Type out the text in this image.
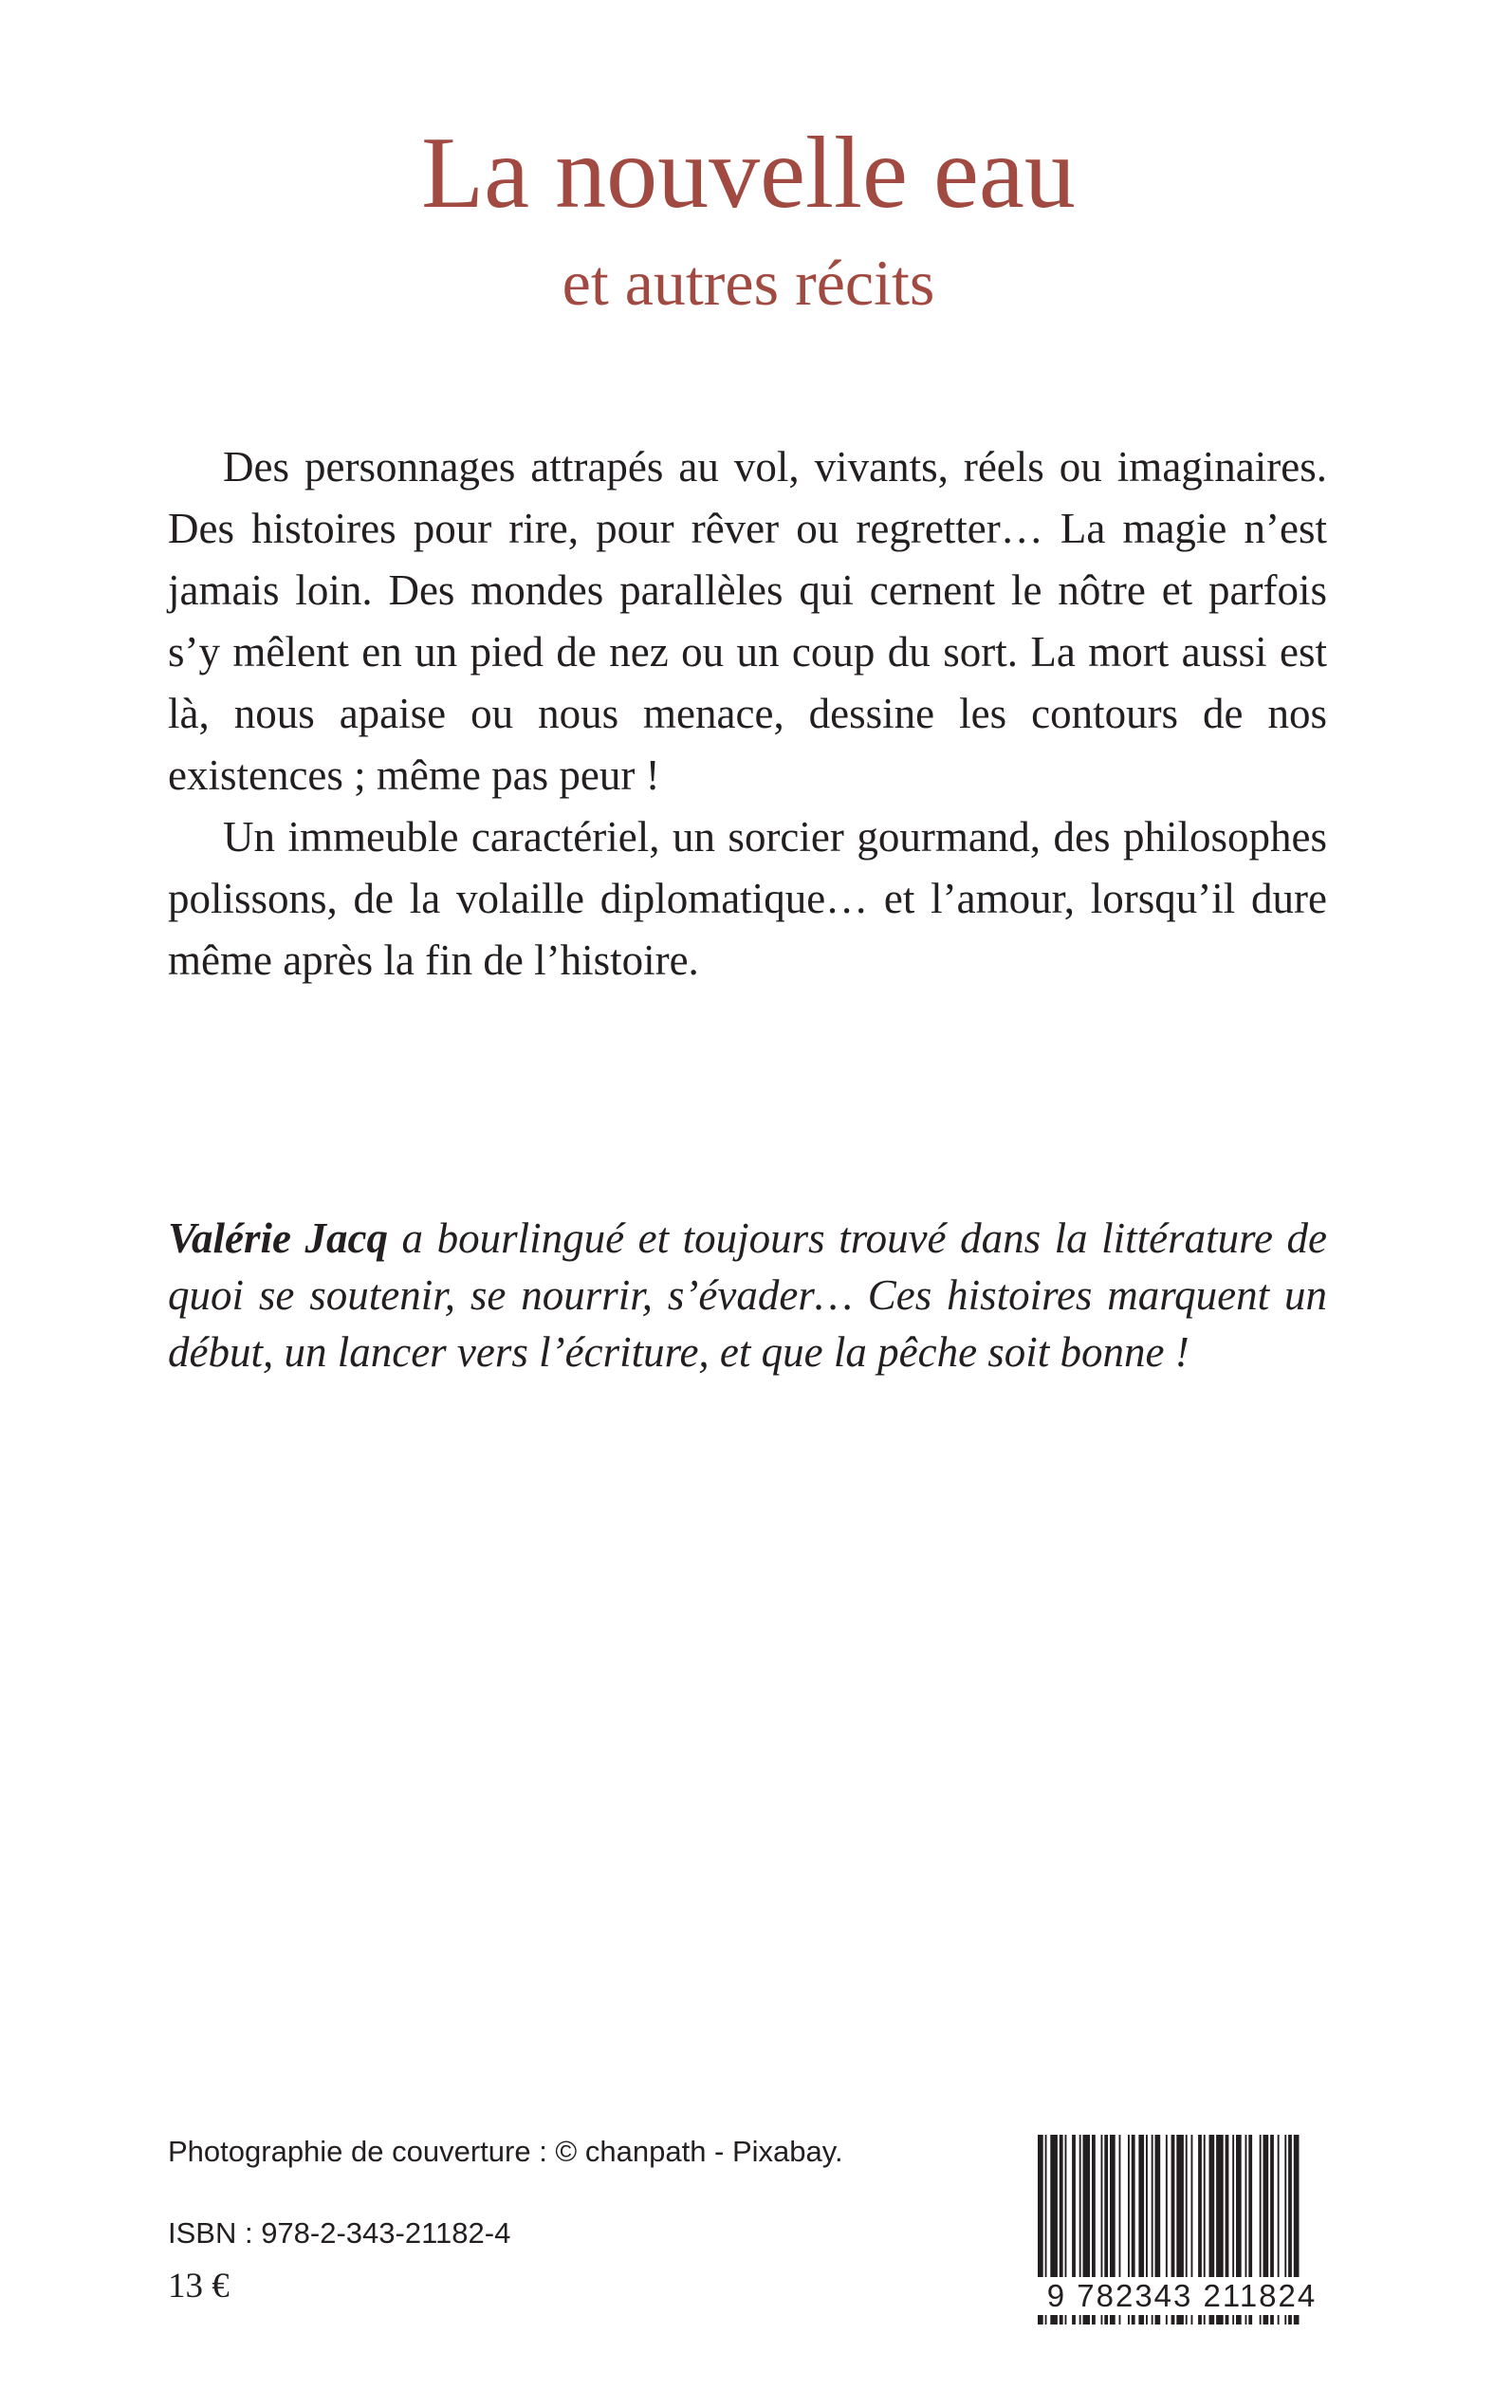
La nouvelle eau
et autres récits

Des personnages attrapés au vol, vivants, réels ou imaginaires. Des histoires pour rire, pour rêver ou regretter… La magie n’est jamais loin. Des mondes parallèles qui cernent le nôtre et parfois s’y mêlent en un pied de nez ou un coup du sort. La mort aussi est là, nous apaise ou nous menace, dessine les contours de nos existences ; même pas peur !

Un immeuble caractériel, un sorcier gourmand, des philosophes polissons, de la volaille diplomatique… et l’amour, lorsqu’il dure même après la fin de l’histoire.

Valérie Jacq a bourlingué et toujours trouvé dans la littérature de quoi se soutenir, se nourrir, s’évader… Ces histoires marquent un début, un lancer vers l’écriture, et que la pêche soit bonne !

Photographie de couverture : © chanpath - Pixabay.

ISBN : 978-2-343-21182-4

13 €	9 782343 211824
